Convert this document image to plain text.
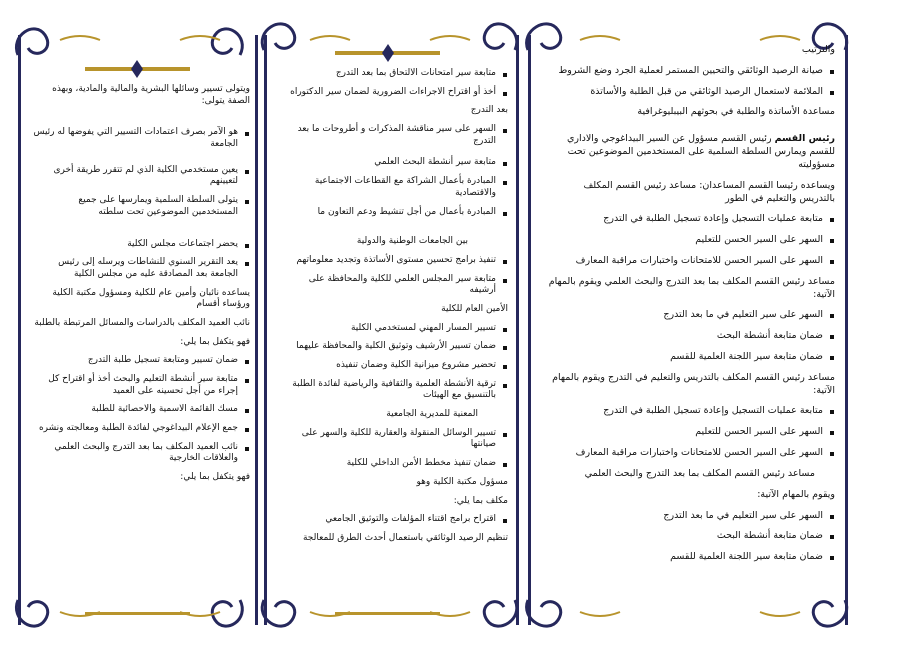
والترتيب

صيانة الرصيد الوثائقي والتحيين المستمر لعملية الجرد وضع الشروط
الملائمة لاستعمال الرصيد الوثائقي من قبل الطلبة والأساتذة

مساعدة الأساتذة والطلبة في بحوثهم البيبليوغرافية

رئيس القسم رئيس القسم مسؤول عن السير البيداغوجي والاداري للقسم ويمارس السلطة السلمية على المستخدمين الموضوعين تحت مسؤوليته

ويساعده رئيسا القسم المساعدان: مساعد رئيس القسم المكلف بالتدريس والتعليم في الطور

متابعة عمليات التسجيل وإعادة تسجيل الطلبة في التدرج
السهر على السير الحسن للتعليم
السهر على السير الحسن للامتحانات واختبارات مراقبة المعارف

مساعد رئيس القسم المكلف بما بعد التدرج والبحث العلمي ويقوم بالمهام الآتية:

السهر على سير التعليم في ما بعد التدرج
ضمان متابعة أنشطة البحث
ضمان متابعة سير اللجنة العلمية للقسم

مساعد رئيس القسم المكلف بالتدريس والتعليم في التدرج ويقوم بالمهام الآتية:

متابعة عمليات التسجيل وإعادة تسجيل الطلبة في التدرج
السهر على السير الحسن للتعليم
السهر على السير الحسن للامتحانات واختبارات مراقبة المعارف

مساعد رئيس القسم المكلف بما بعد التدرج والبحث العلمي

ويقوم بالمهام الآتية:

السهر على سير التعليم في ما بعد التدرج
ضمان متابعة أنشطة البحث
ضمان متابعة سير اللجنة العلمية للقسم
متابعة سير امتحانات الالتحاق بما بعد التدرج
أخذ أو اقتراح الاجراءات الضرورية لضمان سير الدكتوراه

بعد التدرج

السهر على سير مناقشة المذكرات و أطروحات ما بعد التدرج
متابعة سير أنشطة البحث العلمي
المبادرة بأعمال الشراكة مع القطاعات الاجتماعية والاقتصادية
المبادرة بأعمال من أجل تنشيط ودعم التعاون ما

بين الجامعات الوطنية والدولية

تنفيذ برامج تحسين مستوى الأساتذة وتجديد معلوماتهم
متابعة سير المجلس العلمي للكلية والمحافظة على أرشيفه

الأمين العام للكلية

تسيير المسار المهني لمستخدمي الكلية
ضمان تسيير الأرشيف وتوثيق الكلية والمحافظة عليهما
تحضير مشروع ميزانية الكلية وضمان تنفيذه
ترقية الأنشطة العلمية والثقافية والرياضية لفائدة الطلبة بالتنسيق مع الهيئات

المعنية للمديرية الجامعية

تسيير الوسائل المنقولة والعقارية للكلية والسهر على صيانتها
ضمان تنفيذ مخطط الأمن الداخلي للكلية

مسؤول مكتبة الكلية وهو

مكلف بما يلي:

اقتراح برامج اقتناء المؤلفات والتوثيق الجامعي

تنظيم الرصيد الوثائقي باستعمال أحدث الطرق للمعالجة

ويتولى تسيير وسائلها البشرية والمالية والمادية، وبهذه الصفة يتولى:

هو الآمر بصرف اعتمادات التسيير التي يفوضها له رئيس الجامعة
يعين مستخدمي الكلية الذي لم تتقرر طريقة أخرى لتعيينهم
يتولى السلطة السلمية ويمارسها على جميع المستخدمين الموضوعين تحت سلطته
يحضر اجتماعات مجلس الكلية
يعد التقرير السنوي للنشاطات ويرسله إلى رئيس الجامعة بعد المصادقة عليه من مجلس الكلية

يساعده نائبان وأمين عام للكلية ومسؤول مكتبة الكلية ورؤساء أقسام

نائب العميد المكلف بالدراسات والمسائل المرتبطة بالطلبة

فهو يتكفل بما يلي:

ضمان تسيير ومتابعة تسجيل طلبة التدرج
متابعة سير أنشطة التعليم والبحث أخذ أو اقتراح كل إجراء من أجل تحسينه على العميد
مسك القائمة الاسمية والاحصائية للطلبة
جمع الإعلام البيداغوجي لفائدة الطلبة ومعالجته ونشره
نائب العميد المكلف بما بعد التدرج والبحث العلمي والعلاقات الخارجية

فهو يتكفل بما يلي:
